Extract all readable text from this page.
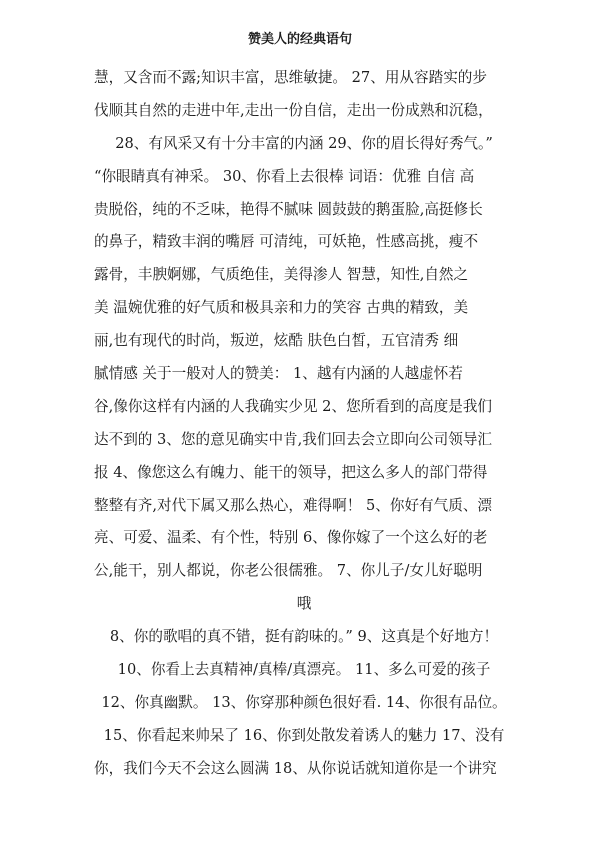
赞美人的经典语句
慧，又含而不露;知识丰富，思维敏捷。 27、用从容踏实的步
伐顺其自然的走进中年,走出一份自信，走出一份成熟和沉稳，
28、有风采又有十分丰富的内涵 29、你的眉长得好秀气。”
“你眼睛真有神采。 30、你看上去很棒 词语：优雅 自信 高
贵脱俗，纯的不乏味，艳得不腻味 圆鼓鼓的鹅蛋脸,高挺修长
的鼻子，精致丰润的嘴唇 可清纯，可妖艳，性感高挑，瘦不
露骨，丰腴婀娜，气质绝佳，美得渗人 智慧，知性,自然之
美 温婉优雅的好气质和极具亲和力的笑容 古典的精致，美
丽,也有现代的时尚，叛逆，炫酷 肤色白皙，五官清秀 细
腻情感 关于一般对人的赞美： 1、越有内涵的人越虚怀若
谷,像你这样有内涵的人我确实少见 2、您所看到的高度是我们
达不到的 3、您的意见确实中肯,我们回去会立即向公司领导汇
报 4、像您这么有魄力、能干的领导，把这么多人的部门带得
整整有齐,对代下属又那么热心，难得啊！ 5、你好有气质、漂
亮、可爱、温柔、有个性，特别 6、像你嫁了一个这么好的老
公,能干，别人都说，你老公很儒雅。 7、你儿子/女儿好聪明
哦
8、你的歌唱的真不错，挺有韵味的。” 9、这真是个好地方！
10、你看上去真精神/真棒/真漂亮。 11、多么可爱的孩子
12、你真幽默。 13、你穿那种颜色很好看. 14、你很有品位。
15、你看起来帅呆了 16、你到处散发着诱人的魅力 17、没有
你，我们今天不会这么圆满 18、从你说话就知道你是一个讲究
